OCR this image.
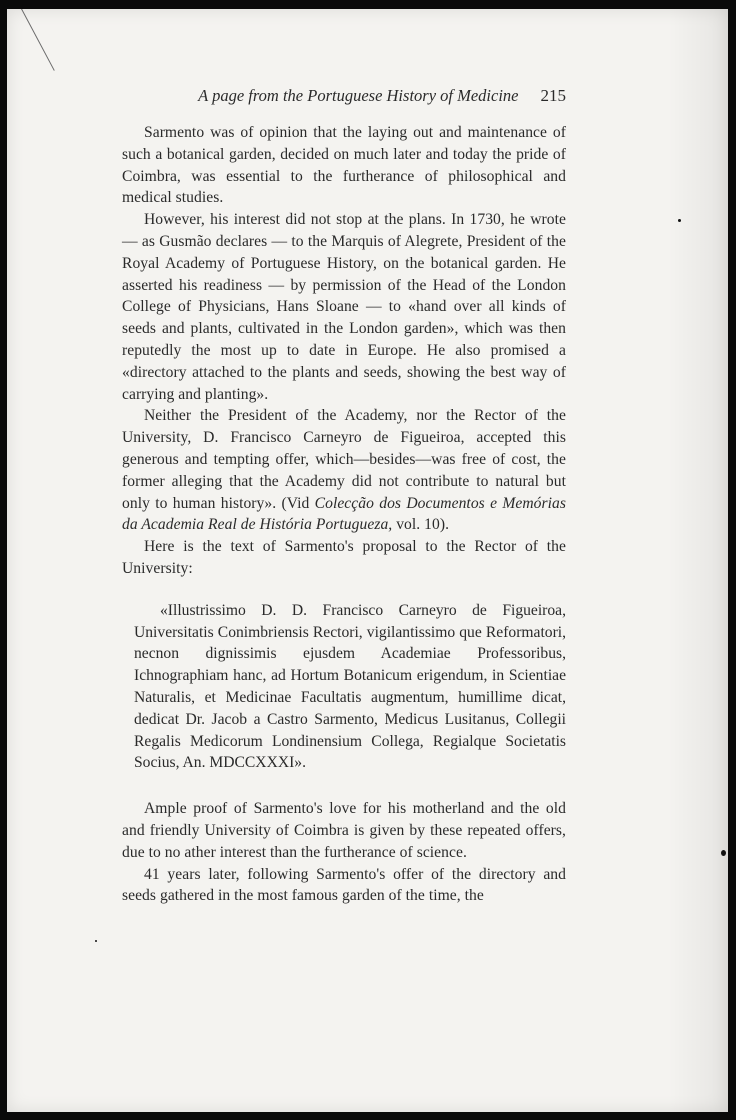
A page from the Portuguese History of Medicine 215

Sarmento was of opinion that the laying out and maintenance of such a botanical garden, decided on much later and today the pride of Coimbra, was essential to the furtherance of philosophical and medical studies.

However, his interest did not stop at the plans. In 1730, he wrote — as Gusmão declares — to the Marquis of Alegrete, President of the Royal Academy of Portuguese History, on the botanical garden. He asserted his readiness — by permission of the Head of the London College of Physicians, Hans Sloane — to «hand over all kinds of seeds and plants, cultivated in the London garden», which was then reputedly the most up to date in Europe. He also promised a «directory attached to the plants and seeds, showing the best way of carrying and planting».

Neither the President of the Academy, nor the Rector of the University, D. Francisco Carneyro de Figueiroa, accepted this generous and tempting offer, which—besides—was free of cost, the former alleging that the Academy did not contribute to natural but only to human history». (Vid Colecção dos Documentos e Memórias da Academia Real de História Portugueza, vol. 10).

Here is the text of Sarmento's proposal to the Rector of the University:

«Illustrissimo D. D. Francisco Carneyro de Figueiroa, Universitatis Conimbriensis Rectori, vigilantissimo que Reformatori, necnon dignissimis ejusdem Academiae Professoribus, Ichnographiam hanc, ad Hortum Botanicum erigendum, in Scientiae Naturalis, et Medicinae Facultatis augmentum, humillime dicat, dedicat Dr. Jacob a Castro Sarmento, Medicus Lusitanus, Collegii Regalis Medicorum Londinensium Collega, Regialque Societatis Socius, An. MDCCXXXI».

Ample proof of Sarmento's love for his motherland and the old and friendly University of Coimbra is given by these repeated offers, due to no ather interest than the furtherance of science.

41 years later, following Sarmento's offer of the directory and seeds gathered in the most famous garden of the time, the
